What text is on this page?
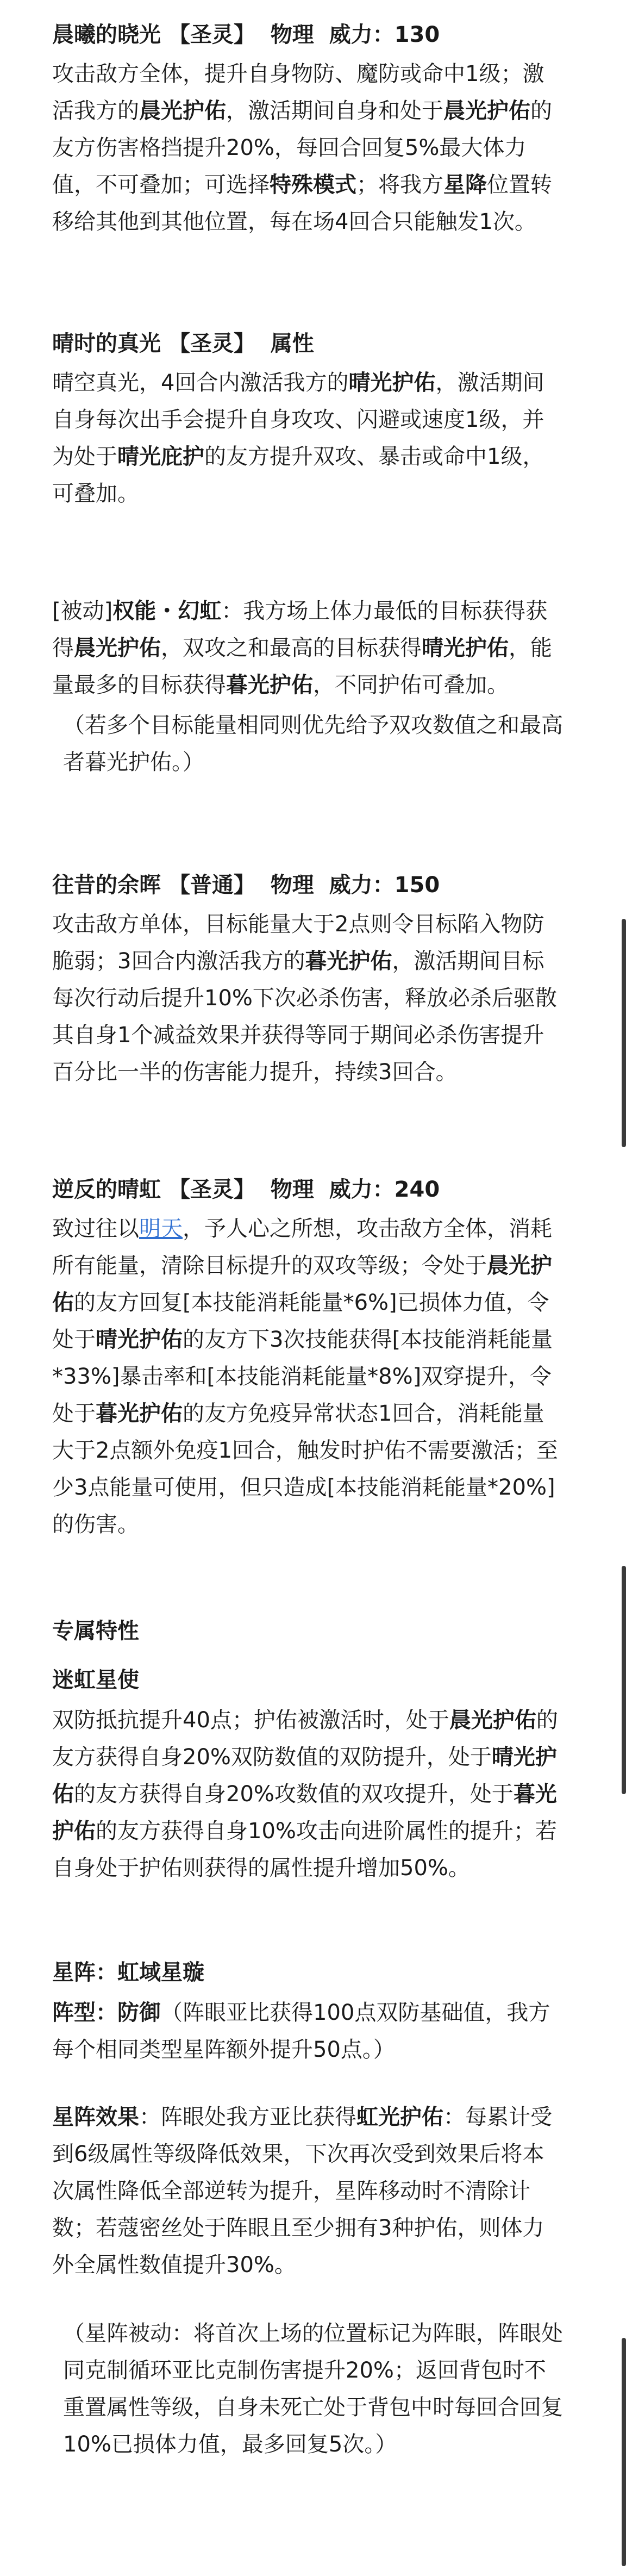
晨曦的晓光 【圣灵】 物理 威力：130

攻击敌方全体，提升自身物防、魔防或命中1级；激活我方的晨光护佑，激活期间自身和处于晨光护佑的友方伤害格挡提升20%，每回合回复5%最大体力值，不可叠加；可选择特殊模式；将我方星降位置转移给其他到其他位置，每在场4回合只能触发1次。

晴时的真光 【圣灵】 属性

晴空真光，4回合内激活我方的晴光护佑，激活期间自身每次出手会提升自身攻攻、闪避或速度1级，并为处于晴光庇护的友方提升双攻、暴击或命中1级，可叠加。

[被动]权能・幻虹：我方场上体力最低的目标获得获得晨光护佑，双攻之和最高的目标获得晴光护佑，能量最多的目标获得暮光护佑，不同护佑可叠加。

（若多个目标能量相同则优先给予双攻数值之和最高者暮光护佑。）

往昔的余晖 【普通】 物理 威力：150

攻击敌方单体，目标能量大于2点则令目标陷入物防脆弱；3回合内激活我方的暮光护佑，激活期间目标每次行动后提升10%下次必杀伤害，释放必杀后驱散其自身1个减益效果并获得等同于期间必杀伤害提升百分比一半的伤害能力提升，持续3回合。

逆反的晴虹 【圣灵】 物理 威力：240

致过往以明天，予人心之所想，攻击敌方全体，消耗所有能量，清除目标提升的双攻等级；令处于晨光护佑的友方回复[本技能消耗能量*6%]已损体力值，令处于晴光护佑的友方下3次技能获得[本技能消耗能量*33%]暴击率和[本技能消耗能量*8%]双穿提升，令处于暮光护佑的友方免疫异常状态1回合，消耗能量大于2点额外免疫1回合，触发时护佑不需要激活；至少3点能量可使用，但只造成[本技能消耗能量*20%]的伤害。

专属特性
迷虹星使

双防抵抗提升40点；护佑被激活时，处于晨光护佑的友方获得自身20%双防数值的双防提升，处于晴光护佑的友方获得自身20%攻数值的双攻提升，处于暮光护佑的友方获得自身10%攻击向进阶属性的提升；若自身处于护佑则获得的属性提升增加50%。

星阵：虹域星璇

阵型：防御（阵眼亚比获得100点双防基础值，我方每个相同类型星阵额外提升50点。）

星阵效果：阵眼处我方亚比获得虹光护佑：每累计受到6级属性等级降低效果，下次再次受到效果后将本次属性降低全部逆转为提升，星阵移动时不清除计数；若蔻密丝处于阵眼且至少拥有3种护佑，则体力外全属性数值提升30%。

（星阵被动：将首次上场的位置标记为阵眼，阵眼处同克制循环亚比克制伤害提升20%；返回背包时不重置属性等级，自身未死亡处于背包中时每回合回复10%已损体力值，最多回复5次。）
